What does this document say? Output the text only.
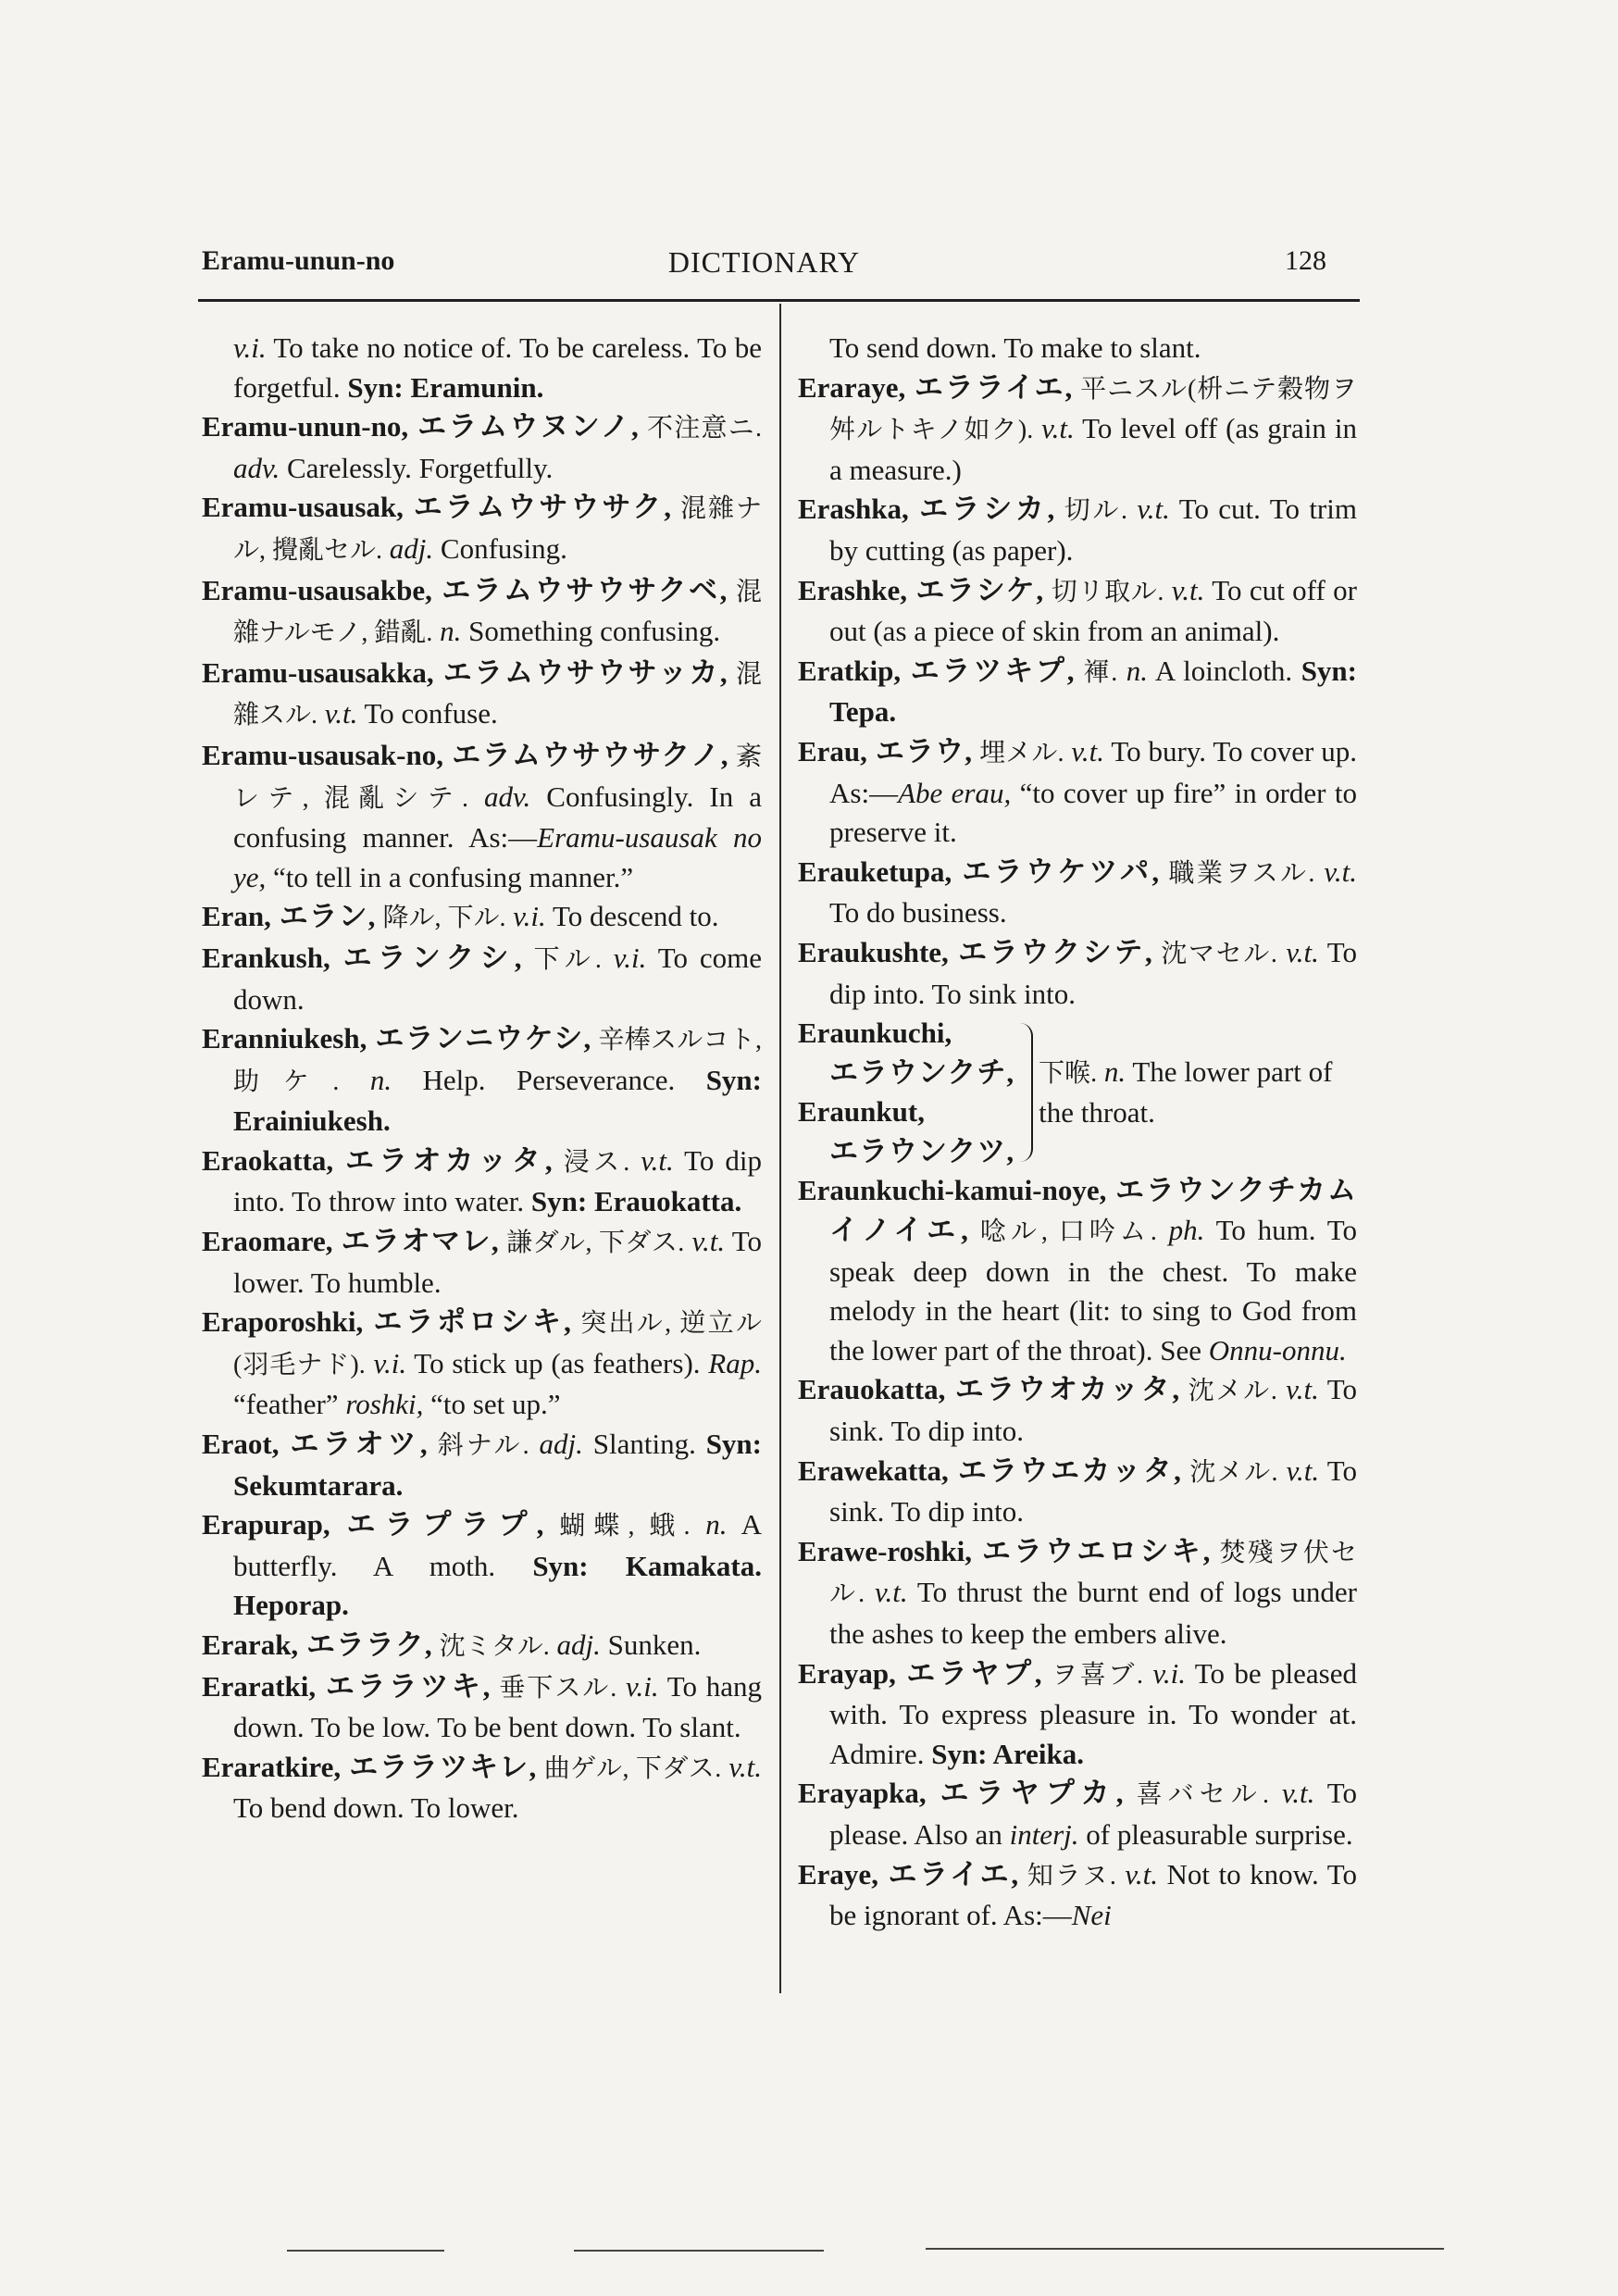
Eramu-unun-no	DICTIONARY	128

v.i. To take no notice of. To be careless. To be forgetful. Syn: Eramunin.

Eramu-unun-no, エラムウヌンノ, 不注意ニ. adv. Carelessly. Forgetfully.

Eramu-usausak, エラムウサウサク, 混雜ナル, 攪亂セル. adj. Confusing.

Eramu-usausakbe, エラムウサウサクベ, 混雜ナルモノ, 錯亂. n. Something confusing.

Eramu-usausakka, エラムウサウサッカ, 混雜スル. v.t. To confuse.

Eramu-usausak-no, エラムウサウサクノ, 紊レテ, 混亂シテ. adv. Confusingly. In a confusing manner. As:—Eramu-usausak no ye, “to tell in a confusing manner.”

Eran, エラン, 降ル, 下ル. v.i. To descend to.

Erankush, エランクシ, 下ル. v.i. To come down.

Eranniukesh, エランニウケシ, 辛棒スルコト, 助ケ. n. Help. Perseverance. Syn: Erainiukesh.

Eraokatta, エラオカッタ, 浸ス. v.t. To dip into. To throw into water. Syn: Erauokatta.

Eraomare, エラオマレ, 謙ダル, 下ダス. v.t. To lower. To humble.

Eraporoshki, エラポロシキ, 突出ル, 逆立ル(羽毛ナド). v.i. To stick up (as feathers). Rap. “feather” roshki, “to set up.”

Eraot, エラオツ, 斜ナル. adj. Slanting. Syn: Sekumtarara.

Erapurap, エラプラプ, 蝴蝶, 蛾. n. A butterfly. A moth. Syn: Kamakata. Heporap.

Erarak, エララク, 沈ミタル. adj. Sunken.

Eraratki, エララツキ, 垂下スル. v.i. To hang down. To be low. To be bent down. To slant.

Eraratkire, エララツキレ, 曲ゲル, 下ダス. v.t. To bend down. To lower.

To send down. To make to slant.

Eraraye, エラライエ, 平ニスル(枡ニテ穀物ヲ舛ルトキノ如ク). v.t. To level off (as grain in a measure.)

Erashka, エラシカ, 切ル. v.t. To cut. To trim by cutting (as paper).

Erashke, エラシケ, 切リ取ル. v.t. To cut off or out (as a piece of skin from an animal).

Eratkip, エラツキプ, 褌. n. A loincloth. Syn: Tepa.

Erau, エラウ, 埋メル. v.t. To bury. To cover up. As:—Abe erau, “to cover up fire” in order to preserve it.

Erauketupa, エラウケツパ, 職業ヲスル. v.t. To do business.

Eraukushte, エラウクシテ, 沈マセル. v.t. To dip into. To sink into.

Eraunkuchi,
エラウンクチ,
Eraunkut,
エラウンクツ,
下喉. n. The lower part of the throat.

Eraunkuchi-kamui-noye, エラウンクチカムイノイエ, 唸ル, 口吟ム. ph. To hum. To speak deep down in the chest. To make melody in the heart (lit: to sing to God from the lower part of the throat). See Onnu-onnu.

Erauokatta, エラウオカッタ, 沈メル. v.t. To sink. To dip into.

Erawekatta, エラウエカッタ, 沈メル. v.t. To sink. To dip into.

Erawe-roshki, エラウエロシキ, 焚殘ヲ伏セル. v.t. To thrust the burnt end of logs under the ashes to keep the embers alive.

Erayap, エラヤプ, ヲ喜ブ. v.i. To be pleased with. To express pleasure in. To wonder at. Admire. Syn: Areika.

Erayapka, エラヤプカ, 喜バセル. v.t. To please. Also an interj. of pleasurable surprise.

Eraye, エライエ, 知ラヌ. v.t. Not to know. To be ignorant of. As:—Nei
